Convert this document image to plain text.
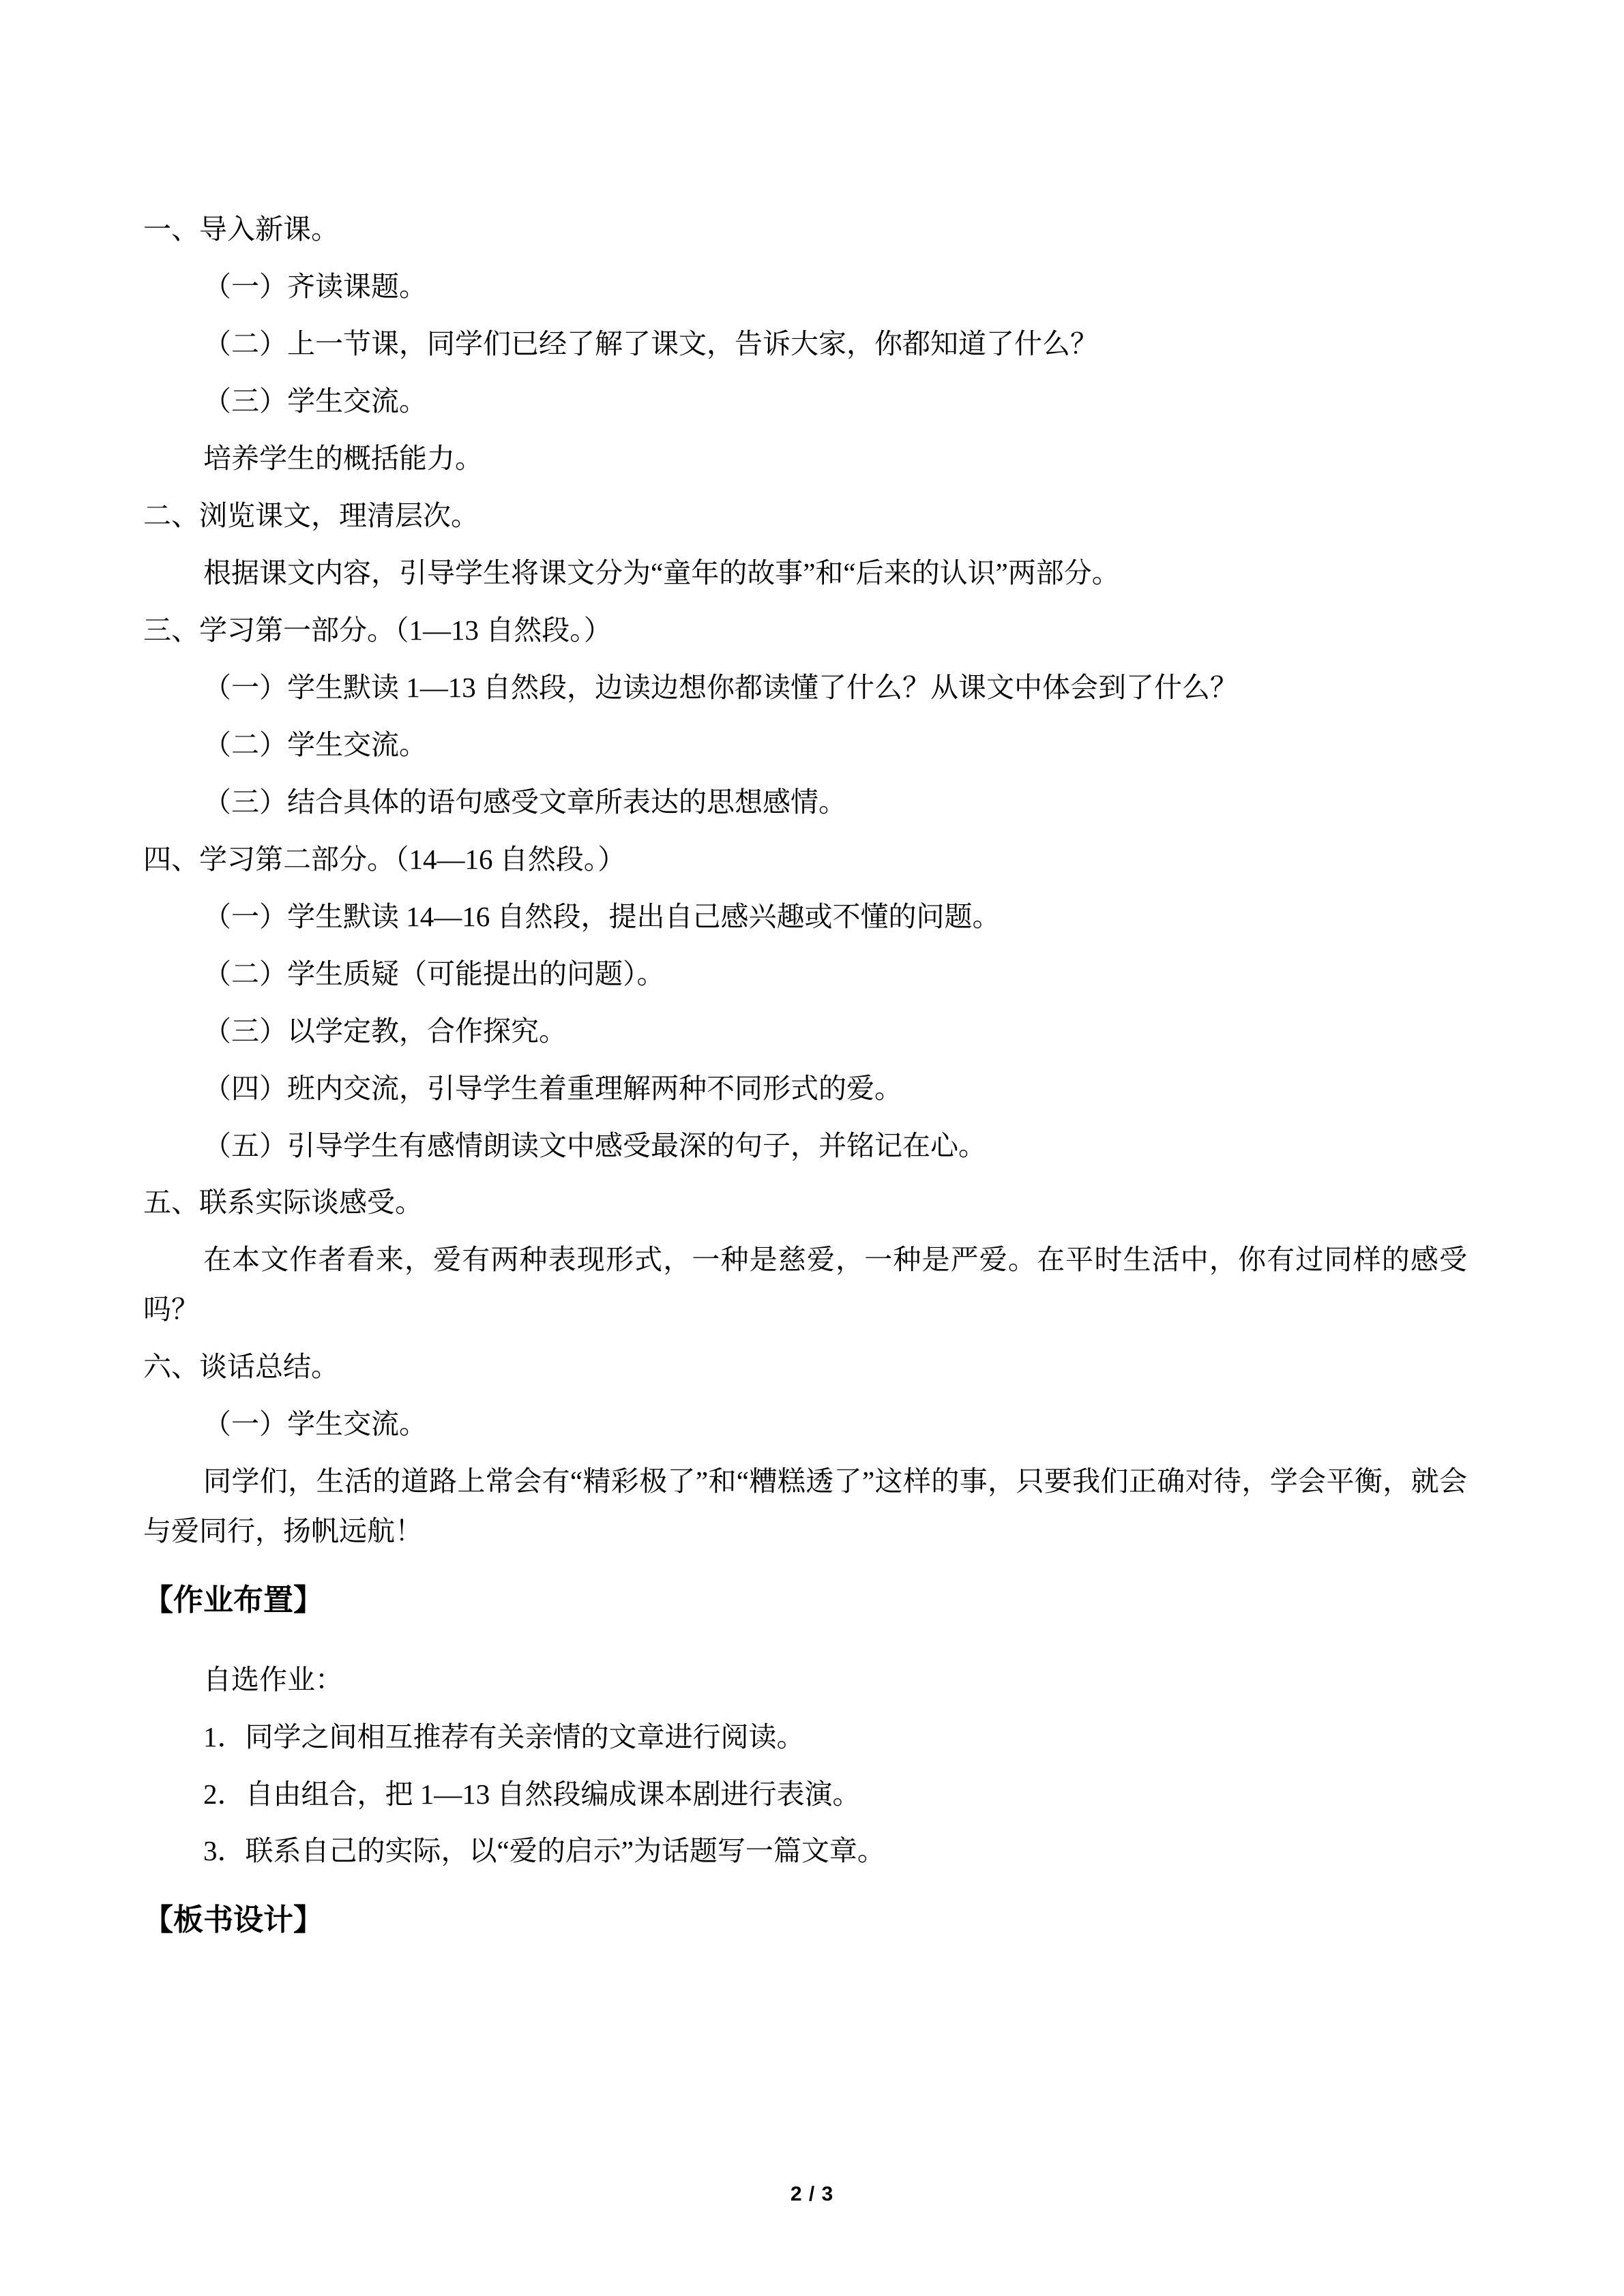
一、导入新课。

（一）齐读课题。

（二）上一节课，同学们已经了解了课文，告诉大家，你都知道了什么？

（三）学生交流。

培养学生的概括能力。

二、浏览课文，理清层次。

根据课文内容，引导学生将课文分为“童年的故事”和“后来的认识”两部分。

三、学习第一部分。（1—13 自然段。）

（一）学生默读 1—13 自然段，边读边想你都读懂了什么？从课文中体会到了什么？

（二）学生交流。

（三）结合具体的语句感受文章所表达的思想感情。

四、学习第二部分。（14—16 自然段。）

（一）学生默读 14—16 自然段，提出自己感兴趣或不懂的问题。

（二）学生质疑（可能提出的问题）。

（三）以学定教，合作探究。

（四）班内交流，引导学生着重理解两种不同形式的爱。

（五）引导学生有感情朗读文中感受最深的句子，并铭记在心。

五、联系实际谈感受。

在本文作者看来，爱有两种表现形式，一种是慈爱，一种是严爱。在平时生活中，你有过同样的感受吗？

六、谈话总结。

（一）学生交流。

同学们，生活的道路上常会有“精彩极了”和“糟糕透了”这样的事，只要我们正确对待，学会平衡，就会与爱同行，扬帆远航！

【作业布置】

自选作业：

1．同学之间相互推荐有关亲情的文章进行阅读。

2．自由组合，把 1—13 自然段编成课本剧进行表演。

3．联系自己的实际，以“爱的启示”为话题写一篇文章。

【板书设计】
2 / 3
